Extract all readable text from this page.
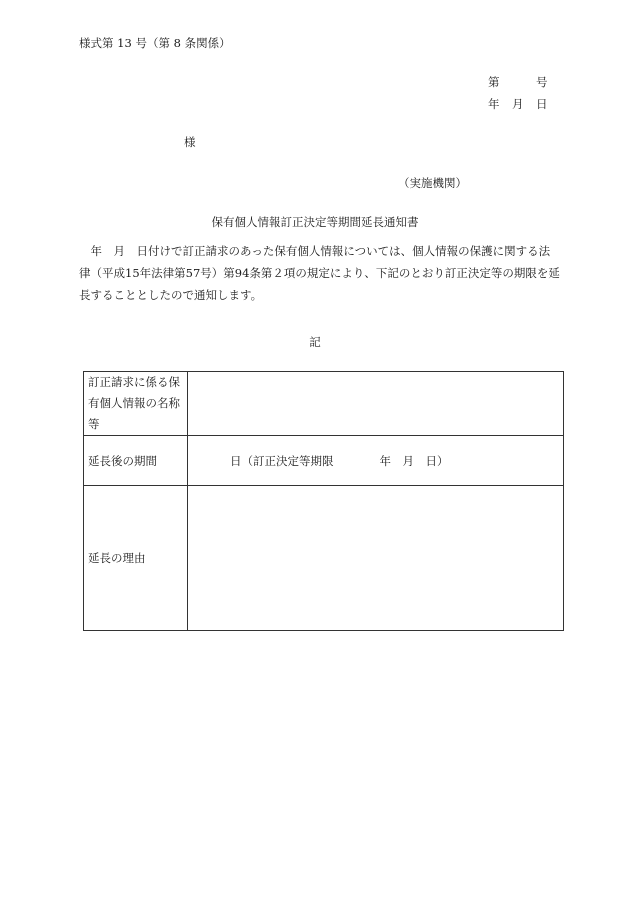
様式第 13 号（第 8 条関係）
第	号
年 月 日
様
（実施機関）
保有個人情報訂正決定等期間延長通知書
　年　月　日付けで訂正請求のあった保有個人情報については、個人情報の保護に関する法
律（平成15年法律第57号）第94条第２項の規定により、下記のとおり訂正決定等の期限を延
長することとしたので通知します。
記
訂正請求に係る保
有個人情報の名称
等	

延長後の期間	日（訂正決定等期限　　　　年　月　日）
延長の理由	
